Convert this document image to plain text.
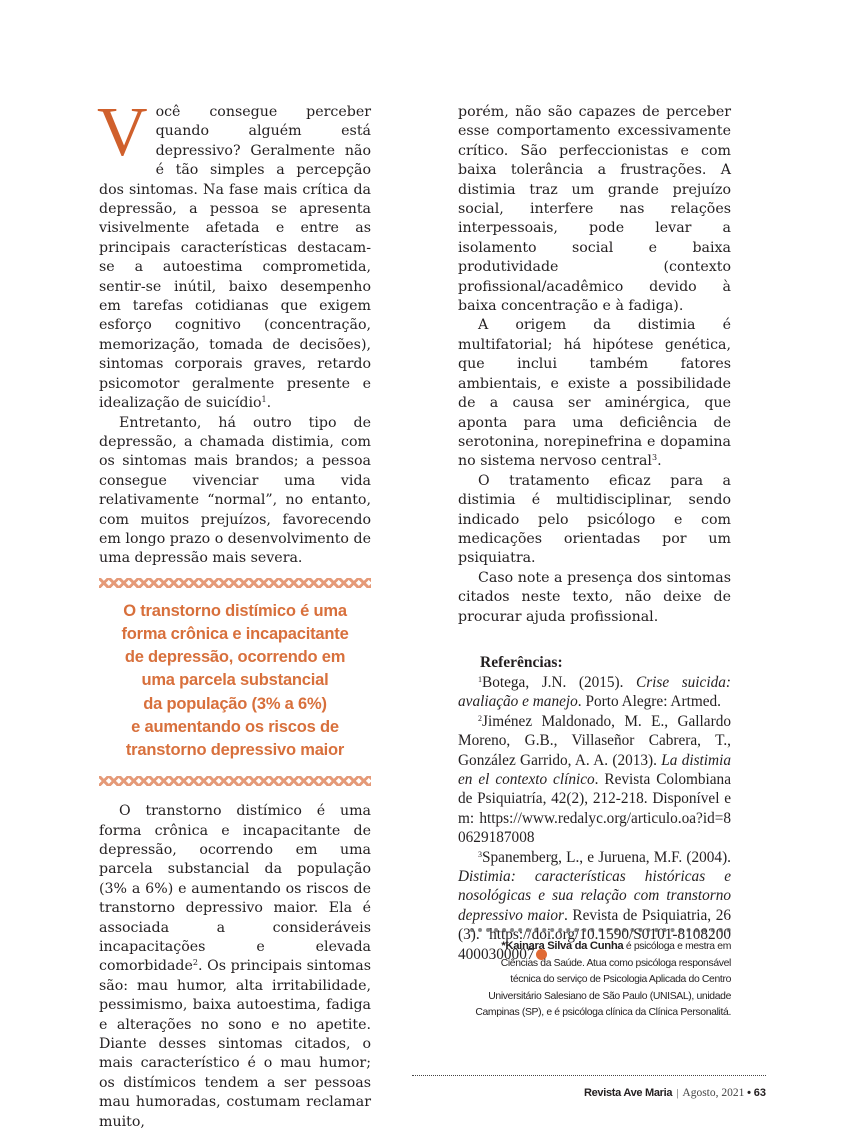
Você consegue perceber quando alguém está depressivo? Geralmente não é tão simples a percepção dos sintomas. Na fase mais crítica da depressão, a pessoa se apresenta visivelmente afetada e entre as principais características destacam-se a autoestima comprometida, sentir-se inútil, baixo desempenho em tarefas cotidianas que exigem esforço cognitivo (concentração, memorização, tomada de decisões), sintomas corporais graves, retardo psicomotor geralmente presente e idealização de suicídio$^1$.

Entretanto, há outro tipo de depressão, a chamada distimia, com os sintomas mais brandos; a pessoa consegue vivenciar uma vida relativamente “normal”, no entanto, com muitos prejuízos, favorecendo em longo prazo o desenvolvimento de uma depressão mais severa.

O transtorno distímico é uma
forma crônica e incapacitante
de depressão, ocorrendo em
uma parcela substancial
da população (3% a 6%)
e aumentando os riscos de
transtorno depressivo maior

O transtorno distímico é uma forma crônica e incapacitante de depressão, ocorrendo em uma parcela substancial da população (3% a 6%) e aumentando os riscos de transtorno depressivo maior. Ela é associada a consideráveis incapacitações e elevada comorbidade$^2$. Os principais sintomas são: mau humor, alta irritabilidade, pessimismo, baixa autoestima, fadiga e alterações no sono e no apetite. Diante desses sintomas citados, o mais característico é o mau humor; os distímicos tendem a ser pessoas mau humoradas, costumam reclamar muito,

porém, não são capazes de perceber esse comportamento excessivamente crítico. São perfeccionistas e com baixa tolerância a frustrações. A distimia traz um grande prejuízo social, interfere nas relações interpessoais, pode levar a isolamento social e baixa produtividade (contexto profissional/acadêmico devido à baixa concentração e à fadiga).

A origem da distimia é multifatorial; há hipótese genética, que inclui também fatores ambientais, e existe a possibilidade de a causa ser aminérgica, que aponta para uma deficiência de serotonina, norepinefrina e dopamina no sistema nervoso central$^3$.

O tratamento eficaz para a distimia é multidisciplinar, sendo indicado pelo psicólogo e com medicações orientadas por um psiquiatra.

Caso note a presença dos sintomas citados neste texto, não deixe de procurar ajuda profissional.

Referências:

$^1$Botega, J.N. (2015). Crise suicida: avaliação e manejo. Porto Alegre: Artmed.

$^2$Jiménez Maldonado, M. E., Gallardo Moreno, G.B., Villaseñor Cabrera, T., González Garrido, A. A. (2013). La distimia en el contexto clínico. Revista Colombiana de Psiquiatría, 42(2), 212-218. Disponível em: https://www.redalyc.org/articulo.oa?id=80629187008

$^3$Spanemberg, L., e Juruena, M.F. (2004). Distimia: características históricas e nosológicas e sua relação com transtorno depressivo maior. Revista de Psiquiatria, 26 (3). https://doi.org/10.1590/S0101-81082004000300007

*Kainara Silva da Cunha é psicóloga e mestra em Ciências da Saúde. Atua como psicóloga responsável técnica do serviço de Psicologia Aplicada do Centro Universitário Salesiano de São Paulo (UNISAL), unidade Campinas (SP), e é psicóloga clínica da Clínica Personalitá.
Revista Ave Maria | Agosto, 2021 • 63
